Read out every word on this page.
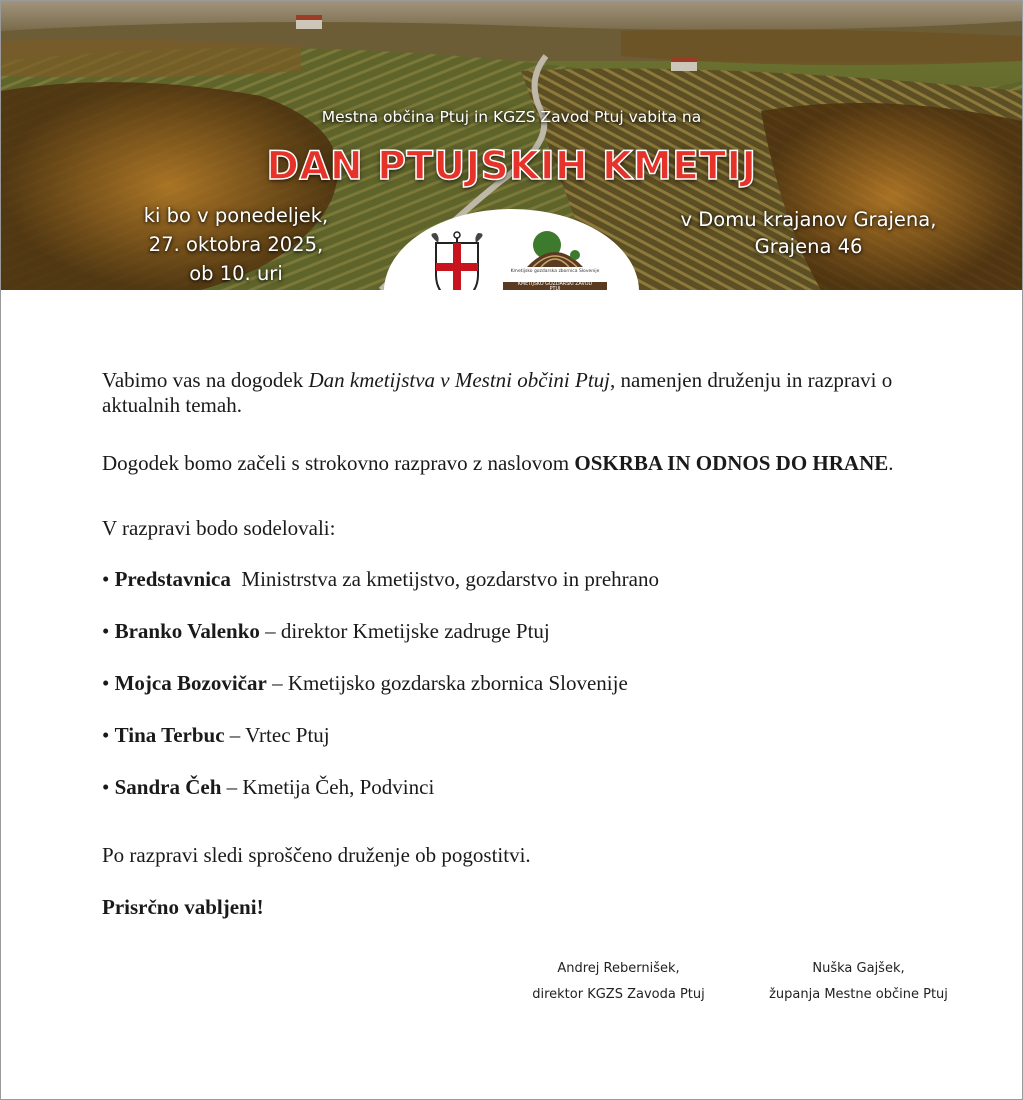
Mestna občina Ptuj in KGZS Zavod Ptuj vabita na
DAN PTUJSKIH KMETIJ
ki bo v ponedeljek,
27. oktobra 2025,
ob 10. uri
v Domu krajanov Grajena,
Grajena 46
Kmetijsko gozdarska zbornica Slovenije
KMETIJSKO GOZDARSKI ZAVOD
PTUJ

Vabimo vas na dogodek Dan kmetijstva v Mestni občini Ptuj, namenjen druženju in razpravi o aktualnih temah.

Dogodek bomo začeli s strokovno razpravo z naslovom OSKRBA IN ODNOS DO HRANE.

V razpravi bodo sodelovali:

• Predstavnica Ministrstva za kmetijstvo, gozdarstvo in prehrano

• Branko Valenko – direktor Kmetijske zadruge Ptuj

• Mojca Bozovičar – Kmetijsko gozdarska zbornica Slovenije

• Tina Terbuc – Vrtec Ptuj

• Sandra Čeh – Kmetija Čeh, Podvinci

Po razpravi sledi sproščeno druženje ob pogostitvi.

Prisrčno vabljeni!

Andrej Rebernišek,
direktor KGZS Zavoda Ptuj
Nuška Gajšek,
županja Mestne občine Ptuj
